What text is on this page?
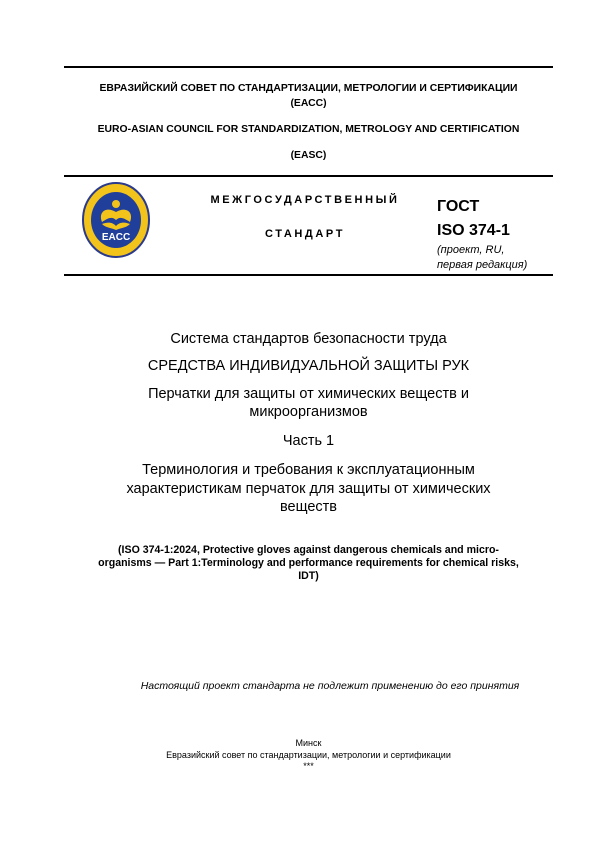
ЕВРАЗИЙСКИЙ СОВЕТ ПО СТАНДАРТИЗАЦИИ, МЕТРОЛОГИИ И СЕРТИФИКАЦИИ
(ЕАСС)
EURO-ASIAN COUNCIL FOR STANDARDIZATION, METROLOGY AND CERTIFICATION
(EASC)
EACC
МЕЖГОСУДАРСТВЕННЫЙ
СТАНДАРТ
ГОСТ
ISO 374-1
(проект, RU,
первая редакция)
Система стандартов безопасности труда
СРЕДСТВА ИНДИВИДУАЛЬНОЙ ЗАЩИТЫ РУК
Перчатки для защиты от химических веществ и
микроорганизмов
Часть 1
Терминология и требования к эксплуатационным
характеристикам перчаток для защиты от химических
веществ
(ISO 374-1:2024, Protective gloves against dangerous chemicals and micro-
organisms — Part 1:Terminology and performance requirements for chemical risks,
IDT)
Настоящий проект стандарта не подлежит применению до его принятия
Минск
Евразийский совет по стандартизации, метрологии и сертификации
***
